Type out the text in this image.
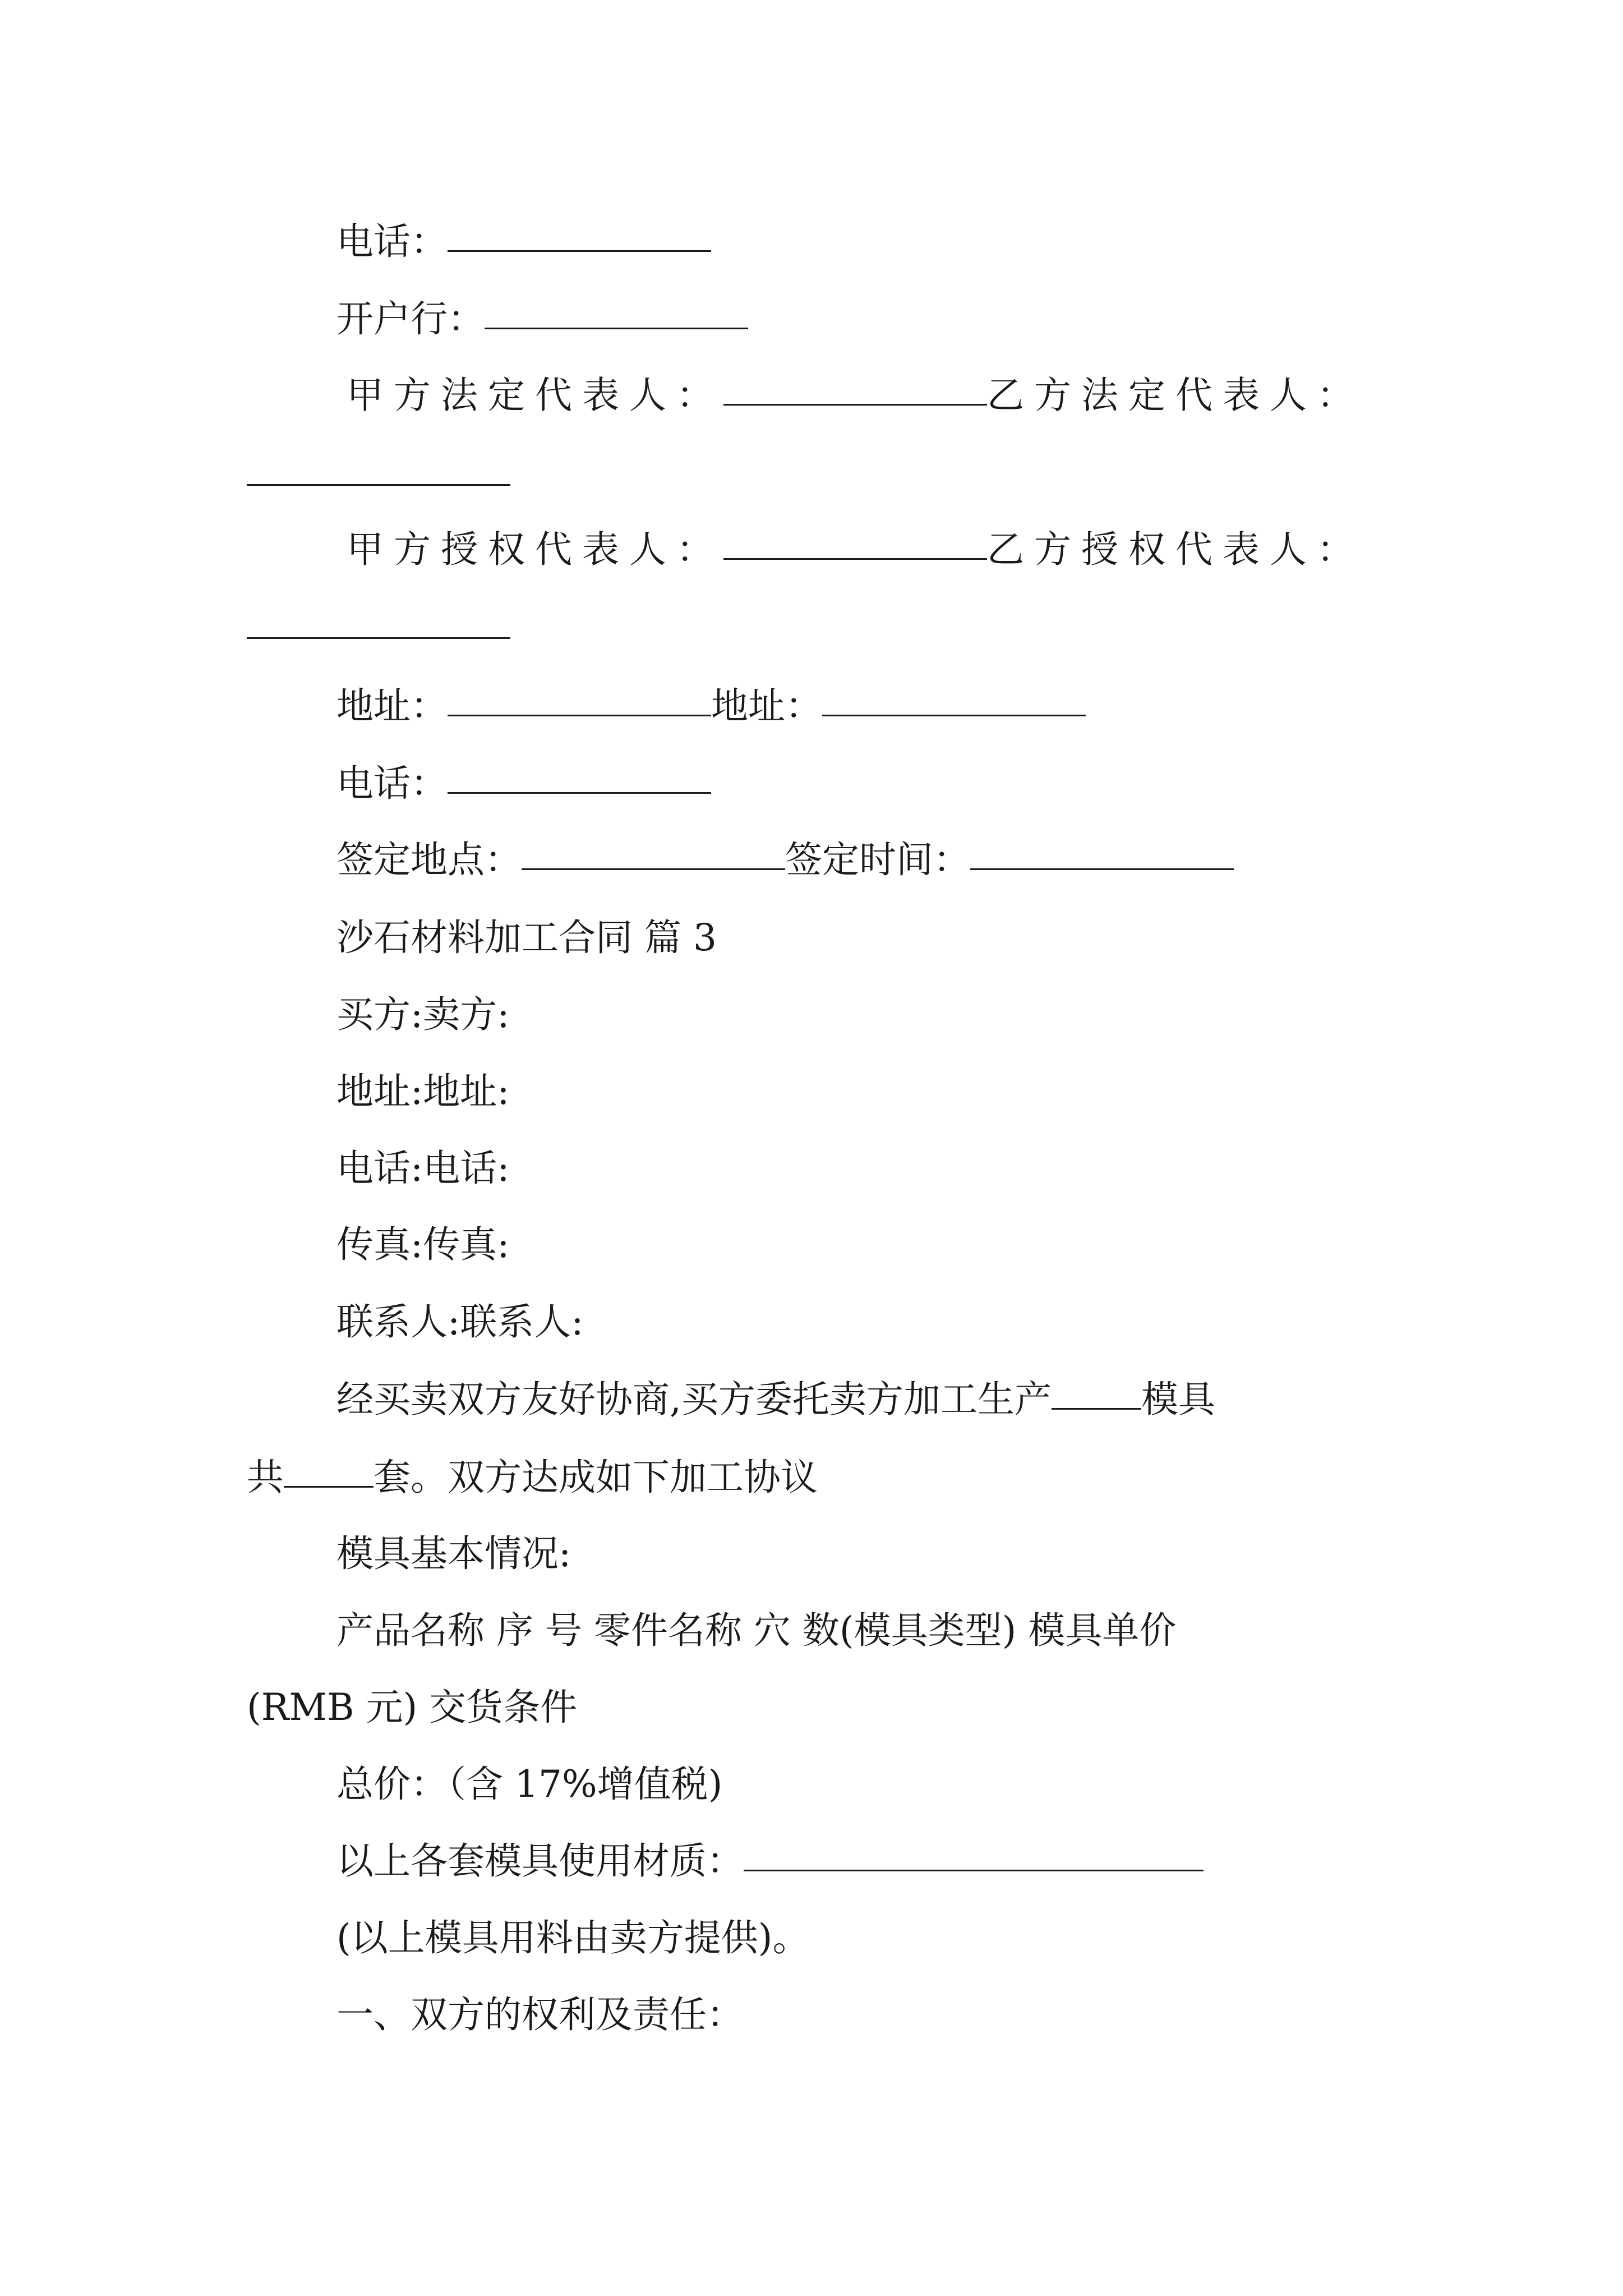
电话：
开户行：
甲方法定代表人：	乙方法定代表人：
甲方授权代表人：	乙方授权代表人：
地址：	地址：
电话：
签定地点：	签定时间：
沙石材料加工合同 篇 3
买方:卖方:
地址:地址:
电话:电话:
传真:传真:
联系人:联系人:
经买卖双方友好协商,买方委托卖方加工生产 模具
共 套。双方达成如下加工协议
模具基本情况:
产品名称 序 号 零件名称 穴 数(模具类型) 模具单价
(RMB 元) 交货条件
总价：（含 17%增值税)
以上各套模具使用材质：
(以上模具用料由卖方提供)。
一、双方的权利及责任：
